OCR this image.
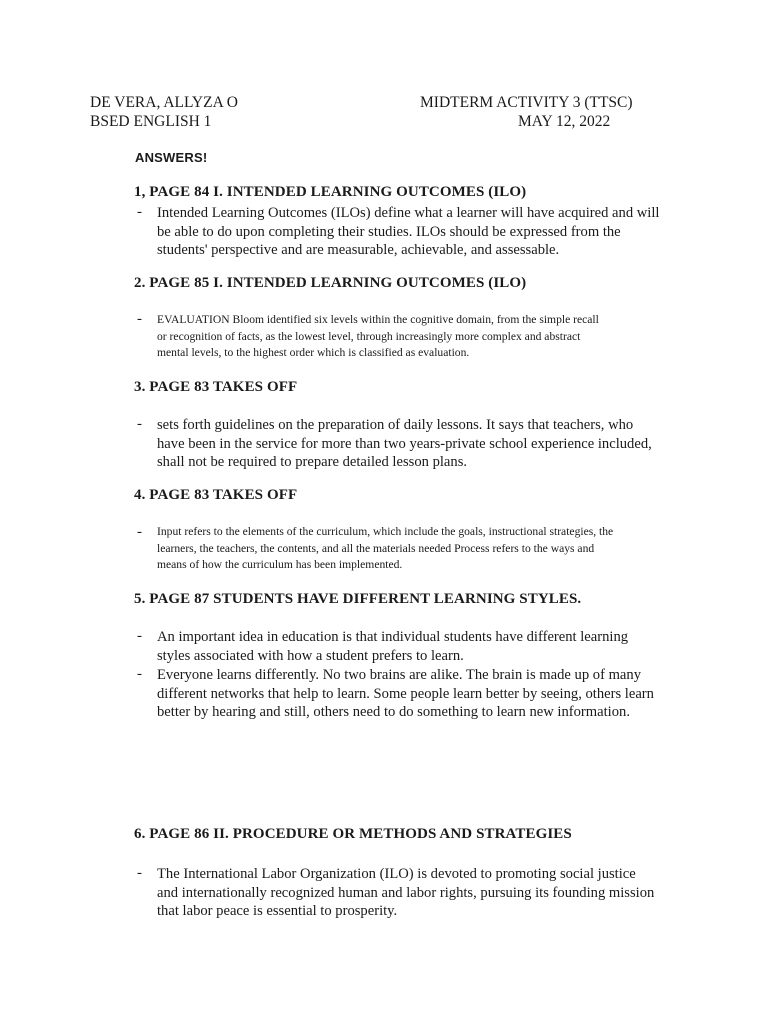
DE VERA, ALLYZA O
BSED ENGLISH 1
MIDTERM ACTIVITY 3 (TTSC)
MAY 12, 2022
ANSWERS!
1, PAGE 84 I. INTENDED LEARNING OUTCOMES (ILO)
- Intended Learning Outcomes (ILOs) define what a learner will have acquired and will
be able to do upon completing their studies. ILOs should be expressed from the
students' perspective and are measurable, achievable, and assessable.
2. PAGE 85 I. INTENDED LEARNING OUTCOMES (ILO)
- EVALUATION Bloom identified six levels within the cognitive domain, from the simple recall
or recognition of facts, as the lowest level, through increasingly more complex and abstract
mental levels, to the highest order which is classified as evaluation.
3. PAGE 83 TAKES OFF
- sets forth guidelines on the preparation of daily lessons. It says that teachers, who
have been in the service for more than two years-private school experience included,
shall not be required to prepare detailed lesson plans.
4. PAGE 83 TAKES OFF
- Input refers to the elements of the curriculum, which include the goals, instructional strategies, the
learners, the teachers, the contents, and all the materials needed Process refers to the ways and
means of how the curriculum has been implemented.
5. PAGE 87 STUDENTS HAVE DIFFERENT LEARNING STYLES.
- An important idea in education is that individual students have different learning
styles associated with how a student prefers to learn.
- Everyone learns differently. No two brains are alike. The brain is made up of many
different networks that help to learn. Some people learn better by seeing, others learn
better by hearing and still, others need to do something to learn new information.
6. PAGE 86 II. PROCEDURE OR METHODS AND STRATEGIES
- The International Labor Organization (ILO) is devoted to promoting social justice
and internationally recognized human and labor rights, pursuing its founding mission
that labor peace is essential to prosperity.
